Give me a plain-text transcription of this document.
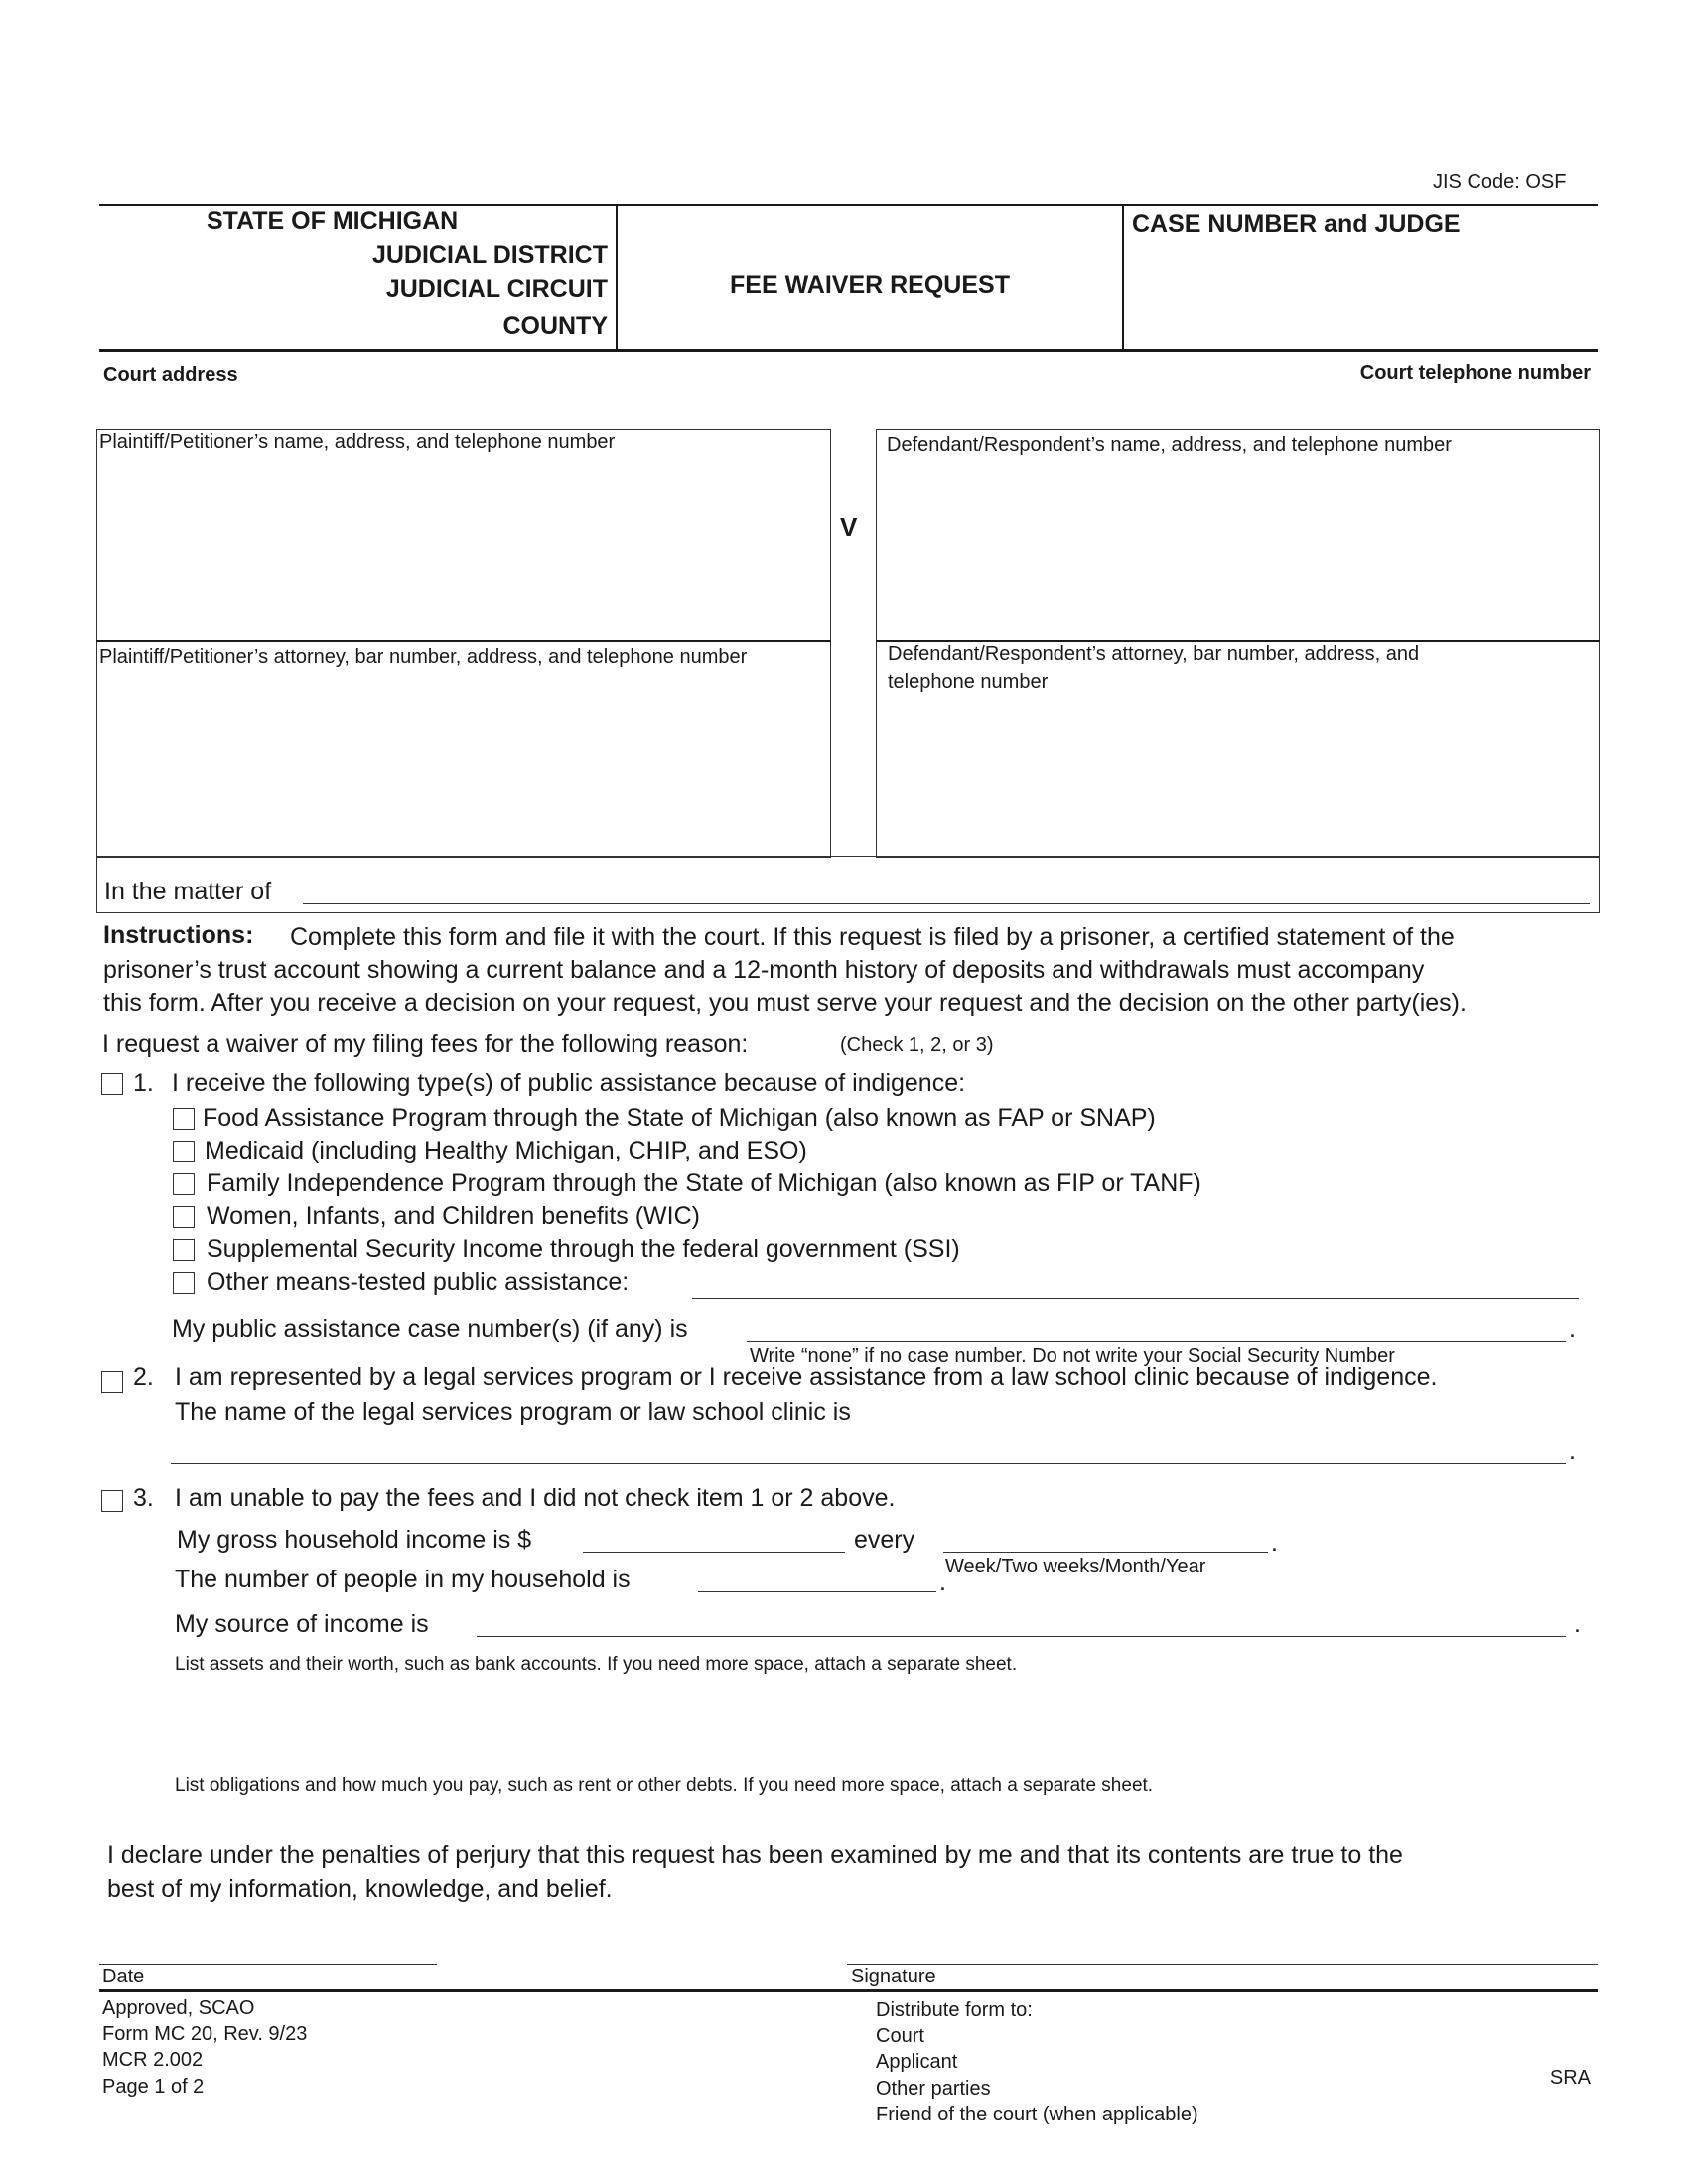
JIS Code: OSF
STATE OF MICHIGAN
JUDICIAL DISTRICT
JUDICIAL CIRCUIT
COUNTY
FEE WAIVER REQUEST
CASE NUMBER and JUDGE
Court address	Court telephone number
Plaintiff/Petitioner’s name, address, and telephone number
V
Defendant/Respondent’s name, address, and telephone number
Plaintiff/Petitioner’s attorney, bar number, address, and telephone number	Defendant/Respondent’s attorney, bar number, address, and
telephone number
In the matter of
Instructions: Complete this form and file it with the court. If this request is filed by a prisoner, a certified statement of the
prisoner’s trust account showing a current balance and a 12-month history of deposits and withdrawals must accompany
this form. After you receive a decision on your request, you must serve your request and the decision on the other party(ies).
I request a waiver of my filing fees for the following reason:	(Check 1, 2, or 3)
1. I receive the following type(s) of public assistance because of indigence:
Food Assistance Program through the State of Michigan (also known as FAP or SNAP)
Medicaid (including Healthy Michigan, CHIP, and ESO)
Family Independence Program through the State of Michigan (also known as FIP or TANF)
Women, Infants, and Children benefits (WIC)
Supplemental Security Income through the federal government (SSI)
Other means-tested public assistance:
My public assistance case number(s) (if any) is	.
Write “none” if no case number. Do not write your Social Security Number
2. I am represented by a legal services program or I receive assistance from a law school clinic because of indigence.
The name of the legal services program or law school clinic is
.
3. I am unable to pay the fees and I did not check item 1 or 2 above.
My gross household income is $	every	.
Week/Two weeks/Month/Year
The number of people in my household is	.
My source of income is	.
List assets and their worth, such as bank accounts. If you need more space, attach a separate sheet.
List obligations and how much you pay, such as rent or other debts. If you need more space, attach a separate sheet.
I declare under the penalties of perjury that this request has been examined by me and that its contents are true to the
best of my information, knowledge, and belief.
Date	Signature
Approved, SCAO
Form MC 20, Rev. 9/23
MCR 2.002
Page 1 of 2
Distribute form to:
Court
Applicant
Other parties
Friend of the court (when applicable)
SRA
